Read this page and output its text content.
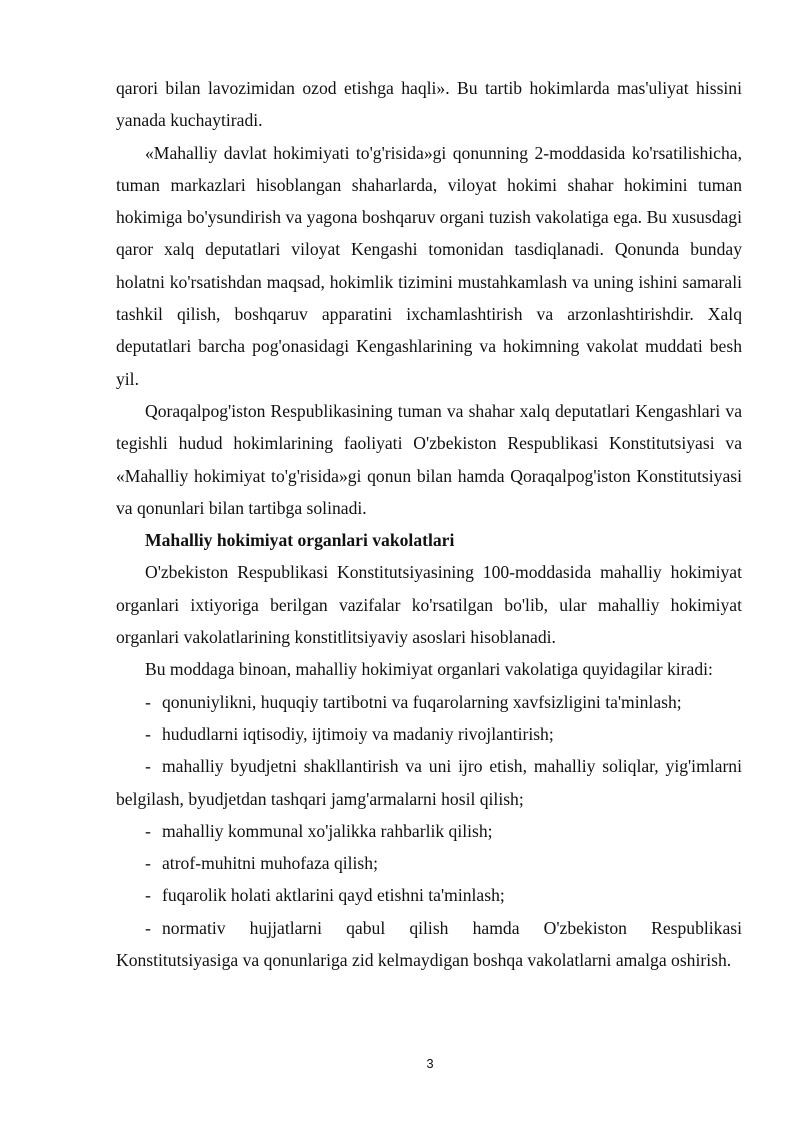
qarori bilan lavozimidan ozod etishga haqli». Bu tartib hokimlarda mas'uliyat hissini yanada kuchaytiradi.

«Mahalliy davlat hokimiyati to'g'risida»gi qonunning 2-moddasida ko'rsatilishicha, tuman markazlari hisoblangan shaharlarda, viloyat hokimi shahar hokimini tuman hokimiga bo'ysundirish va yagona boshqaruv organi tuzish vakolatiga ega. Bu xususdagi qaror xalq deputatlari viloyat Kengashi tomonidan tasdiqlanadi. Qonunda bunday holatni ko'rsatishdan maqsad, hokimlik tizimini mustahkamlash va uning ishini samarali tashkil qilish, boshqaruv apparatini ixchamlashtirish va arzonlashtirishdir. Xalq deputatlari barcha pog'onasidagi Kengashlarining va hokimning vakolat muddati besh yil.

Qoraqalpog'iston Respublikasining tuman va shahar xalq deputatlari Kengashlari va tegishli hudud hokimlarining faoliyati O'zbekiston Respublikasi Konstitutsiyasi va «Mahalliy hokimiyat to'g'risida»gi qonun bilan hamda Qoraqalpog'iston Konstitutsiyasi va qonunlari bilan tartibga solinadi.

Mahalliy hokimiyat organlari vakolatlari

O'zbekiston Respublikasi Konstitutsiyasining 100-moddasida mahalliy hokimiyat organlari ixtiyoriga berilgan vazifalar ko'rsatilgan bo'lib, ular mahalliy hokimiyat organlari vakolatlarining konstitlitsiyaviy asoslari hisoblanadi.

Bu moddaga binoan, mahalliy hokimiyat organlari vakolatiga quyidagilar kiradi:

- qonuniylikni, huquqiy tartibotni va fuqarolarning xavfsizligini ta'minlash;
- hududlarni iqtisodiy, ijtimoiy va madaniy rivojlantirish;
- mahalliy byudjetni shakllantirish va uni ijro etish, mahalliy soliqlar, yig'imlarni belgilash, byudjetdan tashqari jamg'armalarni hosil qilish;
- mahalliy kommunal xo'jalikka rahbarlik qilish;
- atrof-muhitni muhofaza qilish;
- fuqarolik holati aktlarini qayd etishni ta'minlash;
- normativ hujjatlarni qabul qilish hamda O'zbekiston Respublikasi Konstitutsiyasiga va qonunlariga zid kelmaydigan boshqa vakolatlarni amalga oshirish.
3
